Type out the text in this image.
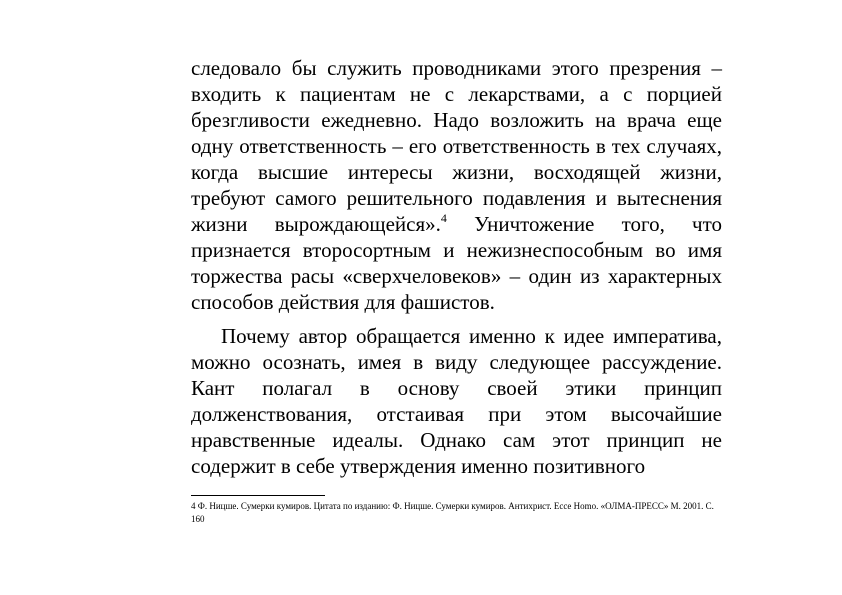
следовало бы служить проводниками этого презрения – входить к пациентам не с лекарствами, а с порцией брезгливости ежедневно. Надо возложить на врача еще одну ответственность – его ответственность в тех случаях, когда высшие интересы жизни, восходящей жизни, требуют самого решительного подавления и вытеснения жизни вырождающейся».$^4$ Уничтожение того, что признается второсортным и нежизнеспособным во имя торжества расы «сверхчеловеков» – один из характерных способов действия для фашистов.

Почему автор обращается именно к идее императива, можно осознать, имея в виду следующее рассуждение. Кант полагал в основу своей этики принцип долженствования, отстаивая при этом высочайшие нравственные идеалы. Однако сам этот принцип не содержит в себе утверждения именно позитивного

4 Ф. Ницше. Сумерки кумиров. Цитата по изданию: Ф. Ницше. Сумерки кумиров. Антихрист. Ecce Homo. «ОЛМА-ПРЕСС» М. 2001. С. 160
